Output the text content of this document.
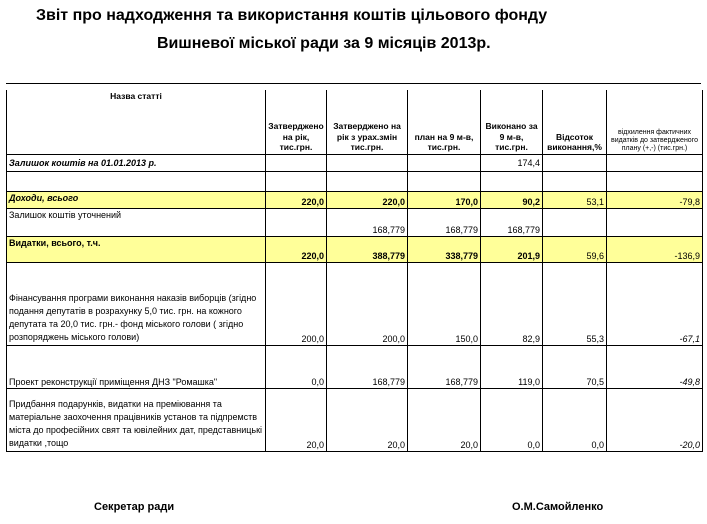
Звіт про надходження та використання коштів цільового фонду
Вишневої міської ради за 9 місяців 2013р.
Назва статті	Затверджено на рік, тис.грн.	Затверджено на рік з урах.змін тис.грн.	план на 9 м-в, тис.грн.	Виконано за 9 м-в, тис.грн.	Відсоток виконання,%	відхилення фактичних видатків до затвердженого плану (+,-) (тис.грн.)
Залишок коштів на 01.01.2013 р.				174,4		

Доходи, всього	220,0	220,0	170,0	90,2	53,1	-79,8
Залишок коштів уточнений		168,779	168,779	168,779		
Видатки, всього, т.ч.	220,0	388,779	338,779	201,9	59,6	-136,9
Фінансування програми виконання наказів виборців (згідно подання депутатів в розрахунку 5,0 тис. грн. на кожного депутата та 20,0 тис. грн.- фонд міського голови ( згідно розпоряджень міського голови)	200,0	200,0	150,0	82,9	55,3	-67,1
Проект реконструкції приміщення ДНЗ "Ромашка"	0,0	168,779	168,779	119,0	70,5	-49,8
Придбання подарунків, видатки на преміювання та матеріальне заохочення працівників установ та підпремств міста до професійних свят та ювілейних дат, представницькі видатки ,тощо	20,0	20,0	20,0	0,0	0,0	-20,0
Секретар ради	О.М.Самойленко
